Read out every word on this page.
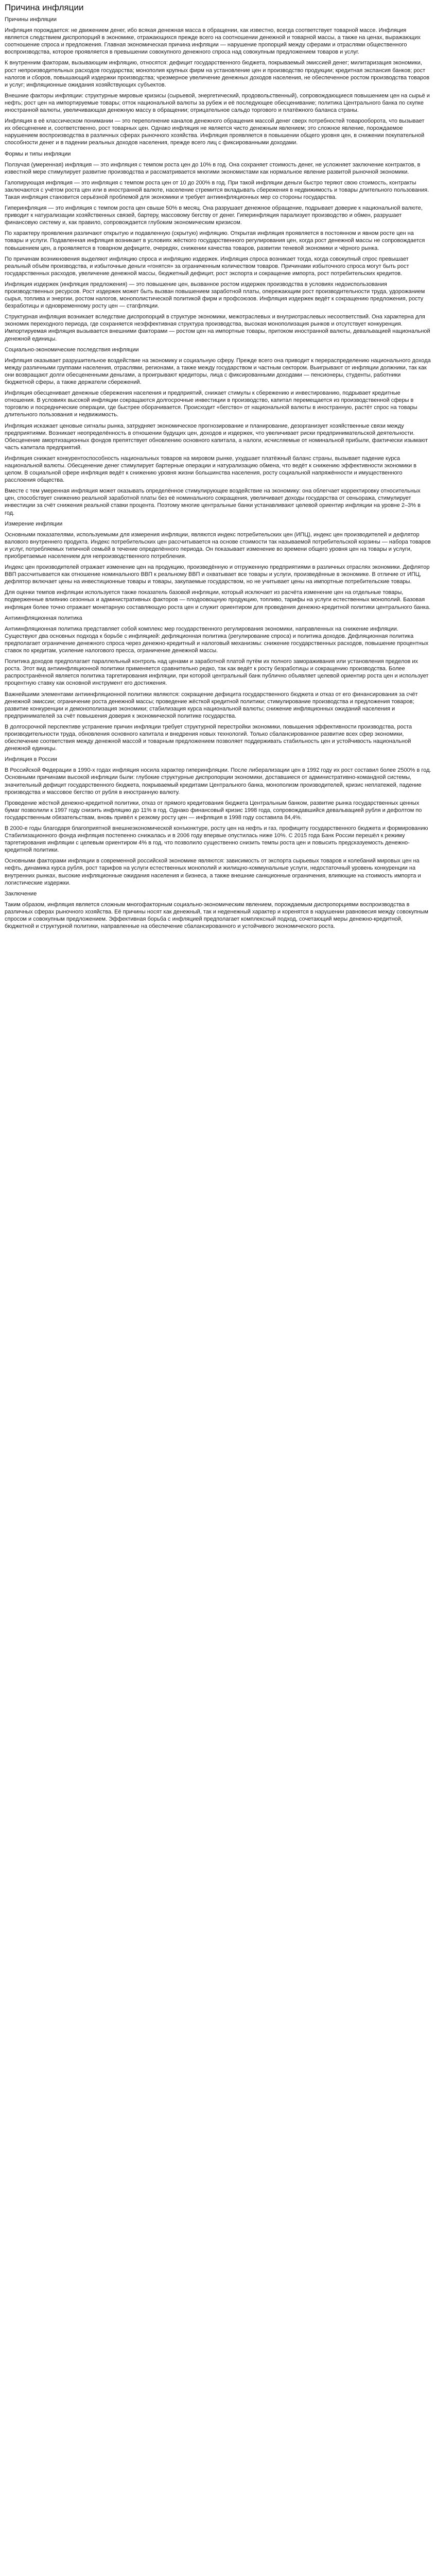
Причина инфляции

Причины инфляции

Инфляция порождается: не движением денег, ибо всякая денежная масса в обращении, как известно, всегда соответствует товарной массе. Инфляция является следствием диспропорций в экономике, отражающихся прежде всего на соотношении денежной и товарной массы, а также на ценах, выражающих соотношение спроса и предложения. Главная экономическая причина инфляции — нарушение пропорций между сферами и отраслями общественного воспроизводства, которое проявляется в превышении совокупного денежного спроса над совокупным предложением товаров и услуг.

К внутренним факторам, вызывающим инфляцию, относятся: дефицит государственного бюджета, покрываемый эмиссией денег; милитаризация экономики, рост непроизводительных расходов государства; монополия крупных фирм на установление цен и производство продукции; кредитная экспансия банков; рост налогов и сборов, повышающий издержки производства; чрезмерное увеличение денежных доходов населения, не обеспеченное ростом производства товаров и услуг; инфляционные ожидания хозяйствующих субъектов.

Внешние факторы инфляции: структурные мировые кризисы (сырьевой, энергетический, продовольственный), сопровождающиеся повышением цен на сырьё и нефть; рост цен на импортируемые товары; отток национальной валюты за рубеж и её последующее обесценивание; политика Центрального банка по скупке иностранной валюты, увеличивающая денежную массу в обращении; отрицательное сальдо торгового и платёжного баланса страны.

Инфляция в её классическом понимании — это переполнение каналов денежного обращения массой денег сверх потребностей товарооборота, что вызывает их обесценение и, соответственно, рост товарных цен. Однако инфляция не является чисто денежным явлением; это сложное явление, порождаемое нарушением воспроизводства в различных сферах рыночного хозяйства. Инфляция проявляется в повышении общего уровня цен, в снижении покупательной способности денег и в падении реальных доходов населения, прежде всего лиц с фиксированными доходами.

Формы и типы инфляции

Ползучая (умеренная) инфляция — это инфляция с темпом роста цен до 10% в год. Она сохраняет стоимость денег, не усложняет заключение контрактов, в известной мере стимулирует развитие производства и рассматривается многими экономистами как нормальное явление развитой рыночной экономики.

Галопирующая инфляция — это инфляция с темпом роста цен от 10 до 200% в год. При такой инфляции деньги быстро теряют свою стоимость, контракты заключаются с учётом роста цен или в иностранной валюте, население стремится вкладывать сбережения в недвижимость и товары длительного пользования. Такая инфляция становится серьёзной проблемой для экономики и требует антиинфляционных мер со стороны государства.

Гиперинфляция — это инфляция с темпом роста цен свыше 50% в месяц. Она разрушает денежное обращение, подрывает доверие к национальной валюте, приводит к натурализации хозяйственных связей, бартеру, массовому бегству от денег. Гиперинфляция парализует производство и обмен, разрушает финансовую систему и, как правило, сопровождается глубоким экономическим кризисом.

По характеру проявления различают открытую и подавленную (скрытую) инфляцию. Открытая инфляция проявляется в постоянном и явном росте цен на товары и услуги. Подавленная инфляция возникает в условиях жёсткого государственного регулирования цен, когда рост денежной массы не сопровождается повышением цен, а проявляется в товарном дефиците, очередях, снижении качества товаров, развитии теневой экономики и чёрного рынка.

По причинам возникновения выделяют инфляцию спроса и инфляцию издержек. Инфляция спроса возникает тогда, когда совокупный спрос превышает реальный объём производства, и избыточные деньги «гонятся» за ограниченным количеством товаров. Причинами избыточного спроса могут быть рост государственных расходов, увеличение денежной массы, бюджетный дефицит, рост экспорта и сокращение импорта, рост потребительских кредитов.

Инфляция издержек (инфляция предложения) — это повышение цен, вызванное ростом издержек производства в условиях недоиспользования производственных ресурсов. Рост издержек может быть вызван повышением заработной платы, опережающим рост производительности труда, удорожанием сырья, топлива и энергии, ростом налогов, монополистической политикой фирм и профсоюзов. Инфляция издержек ведёт к сокращению предложения, росту безработицы и одновременному росту цен — стагфляции.

Структурная инфляция возникает вследствие диспропорций в структуре экономики, межотраслевых и внутриотраслевых несоответствий. Она характерна для экономик переходного периода, где сохраняется неэффективная структура производства, высокая монополизация рынков и отсутствует конкуренция. Импортируемая инфляция вызывается внешними факторами — ростом цен на импортные товары, притоком иностранной валюты, девальвацией национальной денежной единицы.

Социально-экономические последствия инфляции

Инфляция оказывает разрушительное воздействие на экономику и социальную сферу. Прежде всего она приводит к перераспределению национального дохода между различными группами населения, отраслями, регионами, а также между государством и частным сектором. Выигрывают от инфляции должники, так как они возвращают долги обесцененными деньгами, а проигрывают кредиторы, лица с фиксированными доходами — пенсионеры, студенты, работники бюджетной сферы, а также держатели сбережений.

Инфляция обесценивает денежные сбережения населения и предприятий, снижает стимулы к сбережению и инвестированию, подрывает кредитные отношения. В условиях высокой инфляции сокращаются долгосрочные инвестиции в производство, капитал перемещается из производственной сферы в торговлю и посреднические операции, где быстрее оборачивается. Происходит «бегство» от национальной валюты в иностранную, растёт спрос на товары длительного пользования и недвижимость.

Инфляция искажает ценовые сигналы рынка, затрудняет экономическое прогнозирование и планирование, дезорганизует хозяйственные связи между предприятиями. Возникает неопределённость в отношении будущих цен, доходов и издержек, что увеличивает риски предпринимательской деятельности. Обесценение амортизационных фондов препятствует обновлению основного капитала, а налоги, исчисляемые от номинальной прибыли, фактически изымают часть капитала предприятий.

Инфляция снижает конкурентоспособность национальных товаров на мировом рынке, ухудшает платёжный баланс страны, вызывает падение курса национальной валюты. Обесценение денег стимулирует бартерные операции и натурализацию обмена, что ведёт к снижению эффективности экономики в целом. В социальной сфере инфляция ведёт к снижению уровня жизни большинства населения, росту социальной напряжённости и имущественного расслоения общества.

Вместе с тем умеренная инфляция может оказывать определённое стимулирующее воздействие на экономику: она облегчает корректировку относительных цен, способствует снижению реальной заработной платы без её номинального сокращения, увеличивает доходы государства от сеньоража, стимулирует инвестиции за счёт снижения реальной ставки процента. Поэтому многие центральные банки устанавливают целевой ориентир инфляции на уровне 2–3% в год.

Измерение инфляции

Основными показателями, используемыми для измерения инфляции, являются индекс потребительских цен (ИПЦ), индекс цен производителей и дефлятор валового внутреннего продукта. Индекс потребительских цен рассчитывается на основе стоимости так называемой потребительской корзины — набора товаров и услуг, потребляемых типичной семьёй в течение определённого периода. Он показывает изменение во времени общего уровня цен на товары и услуги, приобретаемые населением для непроизводственного потребления.

Индекс цен производителей отражает изменение цен на продукцию, произведённую и отгруженную предприятиями в различных отраслях экономики. Дефлятор ВВП рассчитывается как отношение номинального ВВП к реальному ВВП и охватывает все товары и услуги, произведённые в экономике. В отличие от ИПЦ, дефлятор включает цены на инвестиционные товары и товары, закупаемые государством, но не учитывает цены на импортные потребительские товары.

Для оценки темпов инфляции используется также показатель базовой инфляции, который исключает из расчёта изменение цен на отдельные товары, подверженные влиянию сезонных и административных факторов — плодоовощную продукцию, топливо, тарифы на услуги естественных монополий. Базовая инфляция более точно отражает монетарную составляющую роста цен и служит ориентиром для проведения денежно-кредитной политики центрального банка.

Антиинфляционная политика

Антиинфляционная политика представляет собой комплекс мер государственного регулирования экономики, направленных на снижение инфляции. Существуют два основных подхода к борьбе с инфляцией: дефляционная политика (регулирование спроса) и политика доходов. Дефляционная политика предполагает ограничение денежного спроса через денежно-кредитный и налоговый механизмы: снижение государственных расходов, повышение процентных ставок по кредитам, усиление налогового пресса, ограничение денежной массы.

Политика доходов предполагает параллельный контроль над ценами и заработной платой путём их полного замораживания или установления пределов их роста. Этот вид антиинфляционной политики применяется сравнительно редко, так как ведёт к росту безработицы и сокращению производства. Более распространённой является политика таргетирования инфляции, при которой центральный банк публично объявляет целевой ориентир роста цен и использует процентную ставку как основной инструмент его достижения.

Важнейшими элементами антиинфляционной политики являются: сокращение дефицита государственного бюджета и отказ от его финансирования за счёт денежной эмиссии; ограничение роста денежной массы; проведение жёсткой кредитной политики; стимулирование производства и предложения товаров; развитие конкуренции и демонополизация экономики; стабилизация курса национальной валюты; снижение инфляционных ожиданий населения и предпринимателей за счёт повышения доверия к экономической политике государства.

В долгосрочной перспективе устранение причин инфляции требует структурной перестройки экономики, повышения эффективности производства, роста производительности труда, обновления основного капитала и внедрения новых технологий. Только сбалансированное развитие всех сфер экономики, обеспечение соответствия между денежной массой и товарным предложением позволяет поддерживать стабильность цен и устойчивость национальной денежной единицы.

Инфляция в России

В Российской Федерации в 1990-х годах инфляция носила характер гиперинфляции. После либерализации цен в 1992 году их рост составил более 2500% в год. Основными причинами высокой инфляции были: глубокие структурные диспропорции экономики, доставшиеся от административно-командной системы, значительный дефицит государственного бюджета, покрываемый кредитами Центрального банка, монополизм производителей, кризис неплатежей, падение производства и массовое бегство от рубля в иностранную валюту.

Проведение жёсткой денежно-кредитной политики, отказ от прямого кредитования бюджета Центральным банком, развитие рынка государственных ценных бумаг позволили к 1997 году снизить инфляцию до 11% в год. Однако финансовый кризис 1998 года, сопровождавшийся девальвацией рубля и дефолтом по государственным обязательствам, вновь привёл к резкому росту цен — инфляция в 1998 году составила 84,4%.

В 2000-е годы благодаря благоприятной внешнеэкономической конъюнктуре, росту цен на нефть и газ, профициту государственного бюджета и формированию Стабилизационного фонда инфляция постепенно снижалась и в 2006 году впервые опустилась ниже 10%. С 2015 года Банк России перешёл к режиму таргетирования инфляции с целевым ориентиром 4% в год, что позволило существенно снизить темпы роста цен и повысить предсказуемость денежно-кредитной политики.

Основными факторами инфляции в современной российской экономике являются: зависимость от экспорта сырьевых товаров и колебаний мировых цен на нефть, динамика курса рубля, рост тарифов на услуги естественных монополий и жилищно-коммунальные услуги, недостаточный уровень конкуренции на внутренних рынках, высокие инфляционные ожидания населения и бизнеса, а также внешние санкционные ограничения, влияющие на стоимость импорта и логистические издержки.

Заключение

Таким образом, инфляция является сложным многофакторным социально-экономическим явлением, порождаемым диспропорциями воспроизводства в различных сферах рыночного хозяйства. Её причины носят как денежный, так и неденежный характер и коренятся в нарушении равновесия между совокупным спросом и совокупным предложением. Эффективная борьба с инфляцией предполагает комплексный подход, сочетающий меры денежно-кредитной, бюджетной и структурной политики, направленные на обеспечение сбалансированного и устойчивого экономического роста.
